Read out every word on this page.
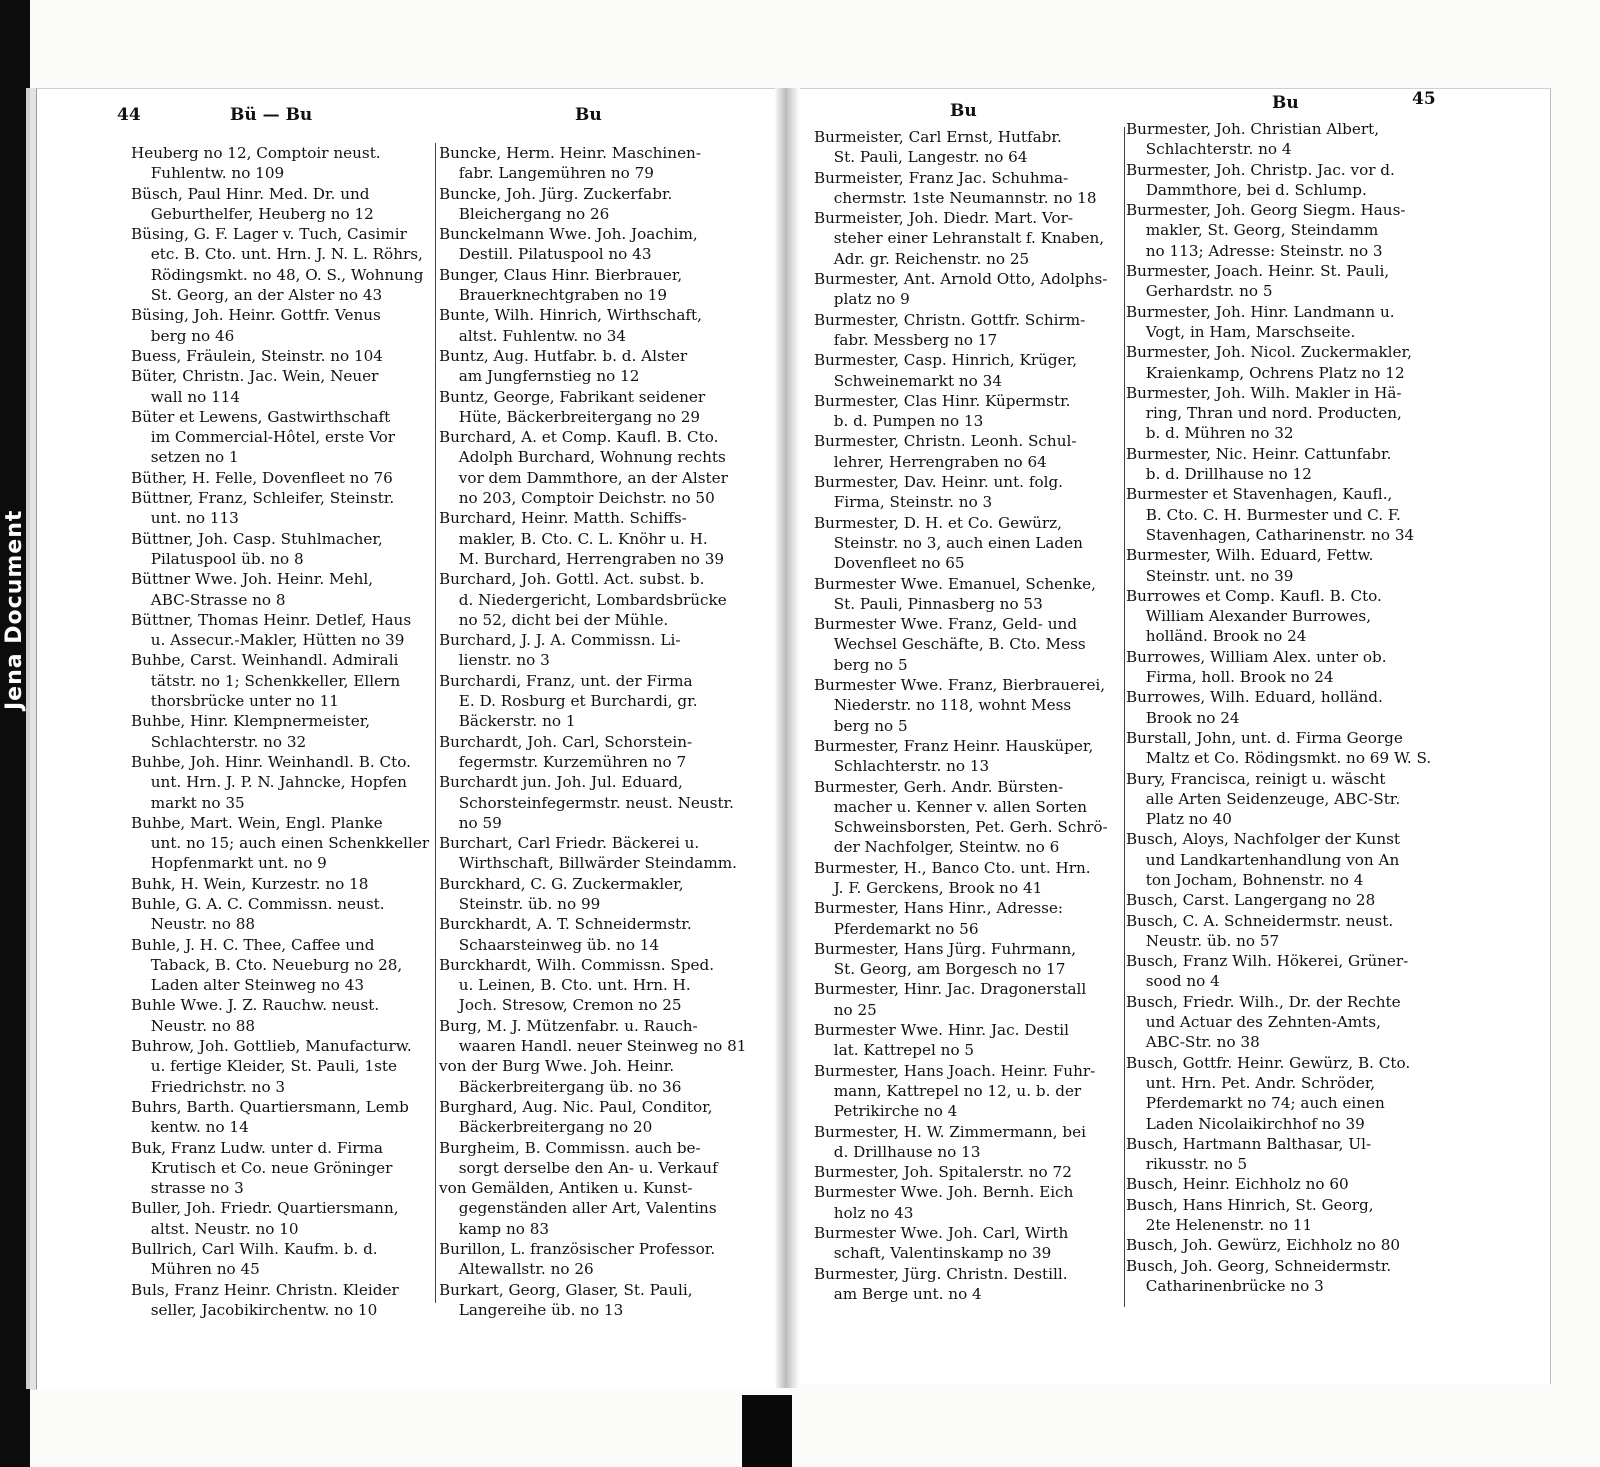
Jena Document
44	Bü — Bu	Bu
Heuberg no 12, Comptoir neust.
Fuhlentw. no 109
Büsch, Paul Hinr. Med. Dr. und
Geburthelfer, Heuberg no 12
Büsing, G. F. Lager v. Tuch, Casimir
etc. B. Cto. unt. Hrn. J. N. L. Röhrs,
Rödingsmkt. no 48, O. S., Wohnung
St. Georg, an der Alster no 43
Büsing, Joh. Heinr. Gottfr. Venus
berg no 46
Buess, Fräulein, Steinstr. no 104
Büter, Christn. Jac. Wein, Neuer
wall no 114
Büter et Lewens, Gastwirthschaft
im Commercial-Hôtel, erste Vor
setzen no 1
Büther, H. Felle, Dovenfleet no 76
Büttner, Franz, Schleifer, Steinstr.
unt. no 113
Büttner, Joh. Casp. Stuhlmacher,
Pilatuspool üb. no 8
Büttner Wwe. Joh. Heinr. Mehl,
ABC-Strasse no 8
Büttner, Thomas Heinr. Detlef, Haus
u. Assecur.-Makler, Hütten no 39
Buhbe, Carst. Weinhandl. Admirali
tätstr. no 1; Schenkkeller, Ellern
thorsbrücke unter no 11
Buhbe, Hinr. Klempnermeister,
Schlachterstr. no 32
Buhbe, Joh. Hinr. Weinhandl. B. Cto.
unt. Hrn. J. P. N. Jahncke, Hopfen
markt no 35
Buhbe, Mart. Wein, Engl. Planke
unt. no 15; auch einen Schenkkeller
Hopfenmarkt unt. no 9
Buhk, H. Wein, Kurzestr. no 18
Buhle, G. A. C. Commissn. neust.
Neustr. no 88
Buhle, J. H. C. Thee, Caffee und
Taback, B. Cto. Neueburg no 28,
Laden alter Steinweg no 43
Buhle Wwe. J. Z. Rauchw. neust.
Neustr. no 88
Buhrow, Joh. Gottlieb, Manufacturw.
u. fertige Kleider, St. Pauli, 1ste
Friedrichstr. no 3
Buhrs, Barth. Quartiersmann, Lemb
kentw. no 14
Buk, Franz Ludw. unter d. Firma
Krutisch et Co. neue Gröninger
strasse no 3
Buller, Joh. Friedr. Quartiersmann,
altst. Neustr. no 10
Bullrich, Carl Wilh. Kaufm. b. d.
Mühren no 45
Buls, Franz Heinr. Christn. Kleider
seller, Jacobikirchentw. no 10
Buncke, Herm. Heinr. Maschinen-
fabr. Langemühren no 79
Buncke, Joh. Jürg. Zuckerfabr.
Bleichergang no 26
Bunckelmann Wwe. Joh. Joachim,
Destill. Pilatuspool no 43
Bunger, Claus Hinr. Bierbrauer,
Brauerknechtgraben no 19
Bunte, Wilh. Hinrich, Wirthschaft,
altst. Fuhlentw. no 34
Buntz, Aug. Hutfabr. b. d. Alster
am Jungfernstieg no 12
Buntz, George, Fabrikant seidener
Hüte, Bäckerbreitergang no 29
Burchard, A. et Comp. Kaufl. B. Cto.
Adolph Burchard, Wohnung rechts
vor dem Dammthore, an der Alster
no 203, Comptoir Deichstr. no 50
Burchard, Heinr. Matth. Schiffs-
makler, B. Cto. C. L. Knöhr u. H.
M. Burchard, Herrengraben no 39
Burchard, Joh. Gottl. Act. subst. b.
d. Niedergericht, Lombardsbrücke
no 52, dicht bei der Mühle.
Burchard, J. J. A. Commissn. Li-
lienstr. no 3
Burchardi, Franz, unt. der Firma
E. D. Rosburg et Burchardi, gr.
Bäckerstr. no 1
Burchardt, Joh. Carl, Schorstein-
fegermstr. Kurzemühren no 7
Burchardt jun. Joh. Jul. Eduard,
Schorsteinfegermstr. neust. Neustr.
no 59
Burchart, Carl Friedr. Bäckerei u.
Wirthschaft, Billwärder Steindamm.
Burckhard, C. G. Zuckermakler,
Steinstr. üb. no 99
Burckhardt, A. T. Schneidermstr.
Schaarsteinweg üb. no 14
Burckhardt, Wilh. Commissn. Sped.
u. Leinen, B. Cto. unt. Hrn. H.
Joch. Stresow, Cremon no 25
Burg, M. J. Mützenfabr. u. Rauch-
waaren Handl. neuer Steinweg no 81
von der Burg Wwe. Joh. Heinr.
Bäckerbreitergang üb. no 36
Burghard, Aug. Nic. Paul, Conditor,
Bäckerbreitergang no 20
Burgheim, B. Commissn. auch be-
sorgt derselbe den An- u. Verkauf
von Gemälden, Antiken u. Kunst-
gegenständen aller Art, Valentins
kamp no 83
Burillon, L. französischer Professor.
Altewallstr. no 26
Burkart, Georg, Glaser, St. Pauli,
Langereihe üb. no 13
Bu	Bu	45
Burmeister, Carl Ernst, Hutfabr.
St. Pauli, Langestr. no 64
Burmeister, Franz Jac. Schuhma-
chermstr. 1ste Neumannstr. no 18
Burmeister, Joh. Diedr. Mart. Vor-
steher einer Lehranstalt f. Knaben,
Adr. gr. Reichenstr. no 25
Burmester, Ant. Arnold Otto, Adolphs-
platz no 9
Burmester, Christn. Gottfr. Schirm-
fabr. Messberg no 17
Burmester, Casp. Hinrich, Krüger,
Schweinemarkt no 34
Burmester, Clas Hinr. Küpermstr.
b. d. Pumpen no 13
Burmester, Christn. Leonh. Schul-
lehrer, Herrengraben no 64
Burmester, Dav. Heinr. unt. folg.
Firma, Steinstr. no 3
Burmester, D. H. et Co. Gewürz,
Steinstr. no 3, auch einen Laden
Dovenfleet no 65
Burmester Wwe. Emanuel, Schenke,
St. Pauli, Pinnasberg no 53
Burmester Wwe. Franz, Geld- und
Wechsel Geschäfte, B. Cto. Mess
berg no 5
Burmester Wwe. Franz, Bierbrauerei,
Niederstr. no 118, wohnt Mess
berg no 5
Burmester, Franz Heinr. Hausküper,
Schlachterstr. no 13
Burmester, Gerh. Andr. Bürsten-
macher u. Kenner v. allen Sorten
Schweinsborsten, Pet. Gerh. Schrö-
der Nachfolger, Steintw. no 6
Burmester, H., Banco Cto. unt. Hrn.
J. F. Gerckens, Brook no 41
Burmester, Hans Hinr., Adresse:
Pferdemarkt no 56
Burmester, Hans Jürg. Fuhrmann,
St. Georg, am Borgesch no 17
Burmester, Hinr. Jac. Dragonerstall
no 25
Burmester Wwe. Hinr. Jac. Destil
lat. Kattrepel no 5
Burmester, Hans Joach. Heinr. Fuhr-
mann, Kattrepel no 12, u. b. der
Petrikirche no 4
Burmester, H. W. Zimmermann, bei
d. Drillhause no 13
Burmester, Joh. Spitalerstr. no 72
Burmester Wwe. Joh. Bernh. Eich
holz no 43
Burmester Wwe. Joh. Carl, Wirth
schaft, Valentinskamp no 39
Burmester, Jürg. Christn. Destill.
am Berge unt. no 4
Burmester, Joh. Christian Albert,
Schlachterstr. no 4
Burmester, Joh. Christp. Jac. vor d.
Dammthore, bei d. Schlump.
Burmester, Joh. Georg Siegm. Haus-
makler, St. Georg, Steindamm
no 113; Adresse: Steinstr. no 3
Burmester, Joach. Heinr. St. Pauli,
Gerhardstr. no 5
Burmester, Joh. Hinr. Landmann u.
Vogt, in Ham, Marschseite.
Burmester, Joh. Nicol. Zuckermakler,
Kraienkamp, Ochrens Platz no 12
Burmester, Joh. Wilh. Makler in Hä-
ring, Thran und nord. Producten,
b. d. Mühren no 32
Burmester, Nic. Heinr. Cattunfabr.
b. d. Drillhause no 12
Burmester et Stavenhagen, Kaufl.,
B. Cto. C. H. Burmester und C. F.
Stavenhagen, Catharinenstr. no 34
Burmester, Wilh. Eduard, Fettw.
Steinstr. unt. no 39
Burrowes et Comp. Kaufl. B. Cto.
William Alexander Burrowes,
holländ. Brook no 24
Burrowes, William Alex. unter ob.
Firma, holl. Brook no 24
Burrowes, Wilh. Eduard, holländ.
Brook no 24
Burstall, John, unt. d. Firma George
Maltz et Co. Rödingsmkt. no 69 W. S.
Bury, Francisca, reinigt u. wäscht
alle Arten Seidenzeuge, ABC-Str.
Platz no 40
Busch, Aloys, Nachfolger der Kunst
und Landkartenhandlung von An
ton Jocham, Bohnenstr. no 4
Busch, Carst. Langergang no 28
Busch, C. A. Schneidermstr. neust.
Neustr. üb. no 57
Busch, Franz Wilh. Hökerei, Grüner-
sood no 4
Busch, Friedr. Wilh., Dr. der Rechte
und Actuar des Zehnten-Amts,
ABC-Str. no 38
Busch, Gottfr. Heinr. Gewürz, B. Cto.
unt. Hrn. Pet. Andr. Schröder,
Pferdemarkt no 74; auch einen
Laden Nicolaikirchhof no 39
Busch, Hartmann Balthasar, Ul-
rikusstr. no 5
Busch, Heinr. Eichholz no 60
Busch, Hans Hinrich, St. Georg,
2te Helenenstr. no 11
Busch, Joh. Gewürz, Eichholz no 80
Busch, Joh. Georg, Schneidermstr.
Catharinenbrücke no 3
